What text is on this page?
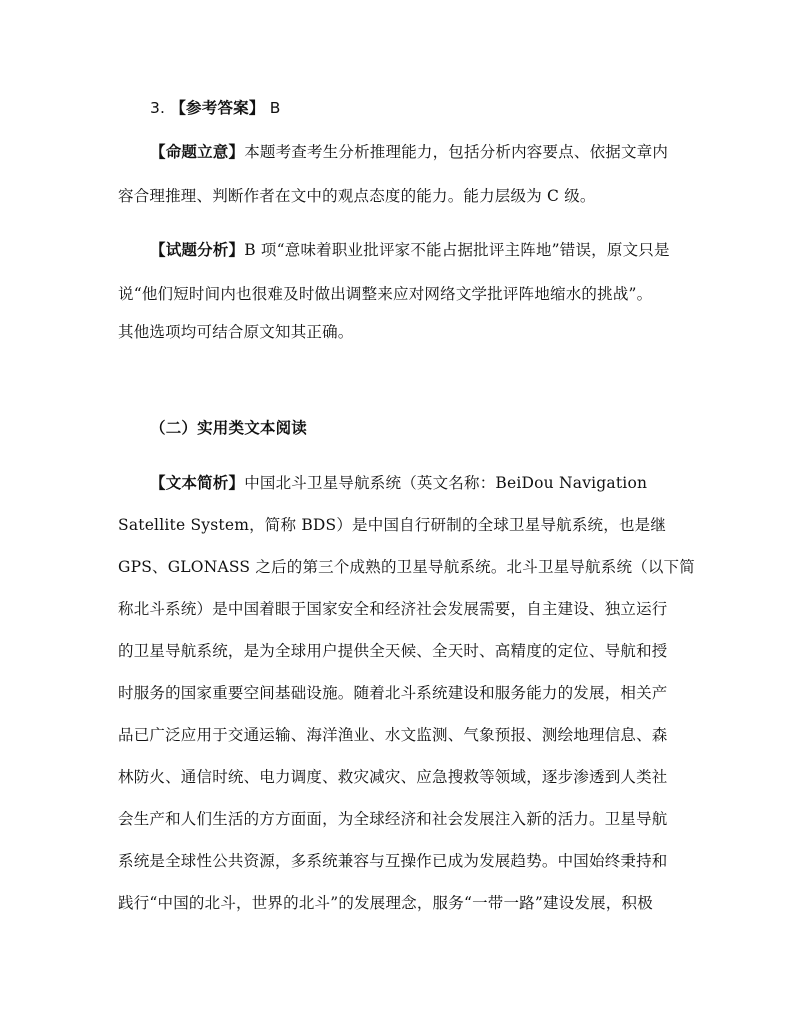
3. 【参考答案】 B
【命题立意】本题考查考生分析推理能力，包括分析内容要点、依据文章内
容合理推理、判断作者在文中的观点态度的能力。能力层级为 C 级。
【试题分析】B 项“意味着职业批评家不能占据批评主阵地”错误，原文只是
说“他们短时间内也很难及时做出调整来应对网络文学批评阵地缩水的挑战”。
其他选项均可结合原文知其正确。
（二）实用类文本阅读
【文本简析】中国北斗卫星导航系统（英文名称：BeiDou Navigation
Satellite System，简称 BDS）是中国自行研制的全球卫星导航系统，也是继
GPS、GLONASS 之后的第三个成熟的卫星导航系统。北斗卫星导航系统（以下简
称北斗系统）是中国着眼于国家安全和经济社会发展需要，自主建设、独立运行
的卫星导航系统，是为全球用户提供全天候、全天时、高精度的定位、导航和授
时服务的国家重要空间基础设施。随着北斗系统建设和服务能力的发展，相关产
品已广泛应用于交通运输、海洋渔业、水文监测、气象预报、测绘地理信息、森
林防火、通信时统、电力调度、救灾减灾、应急搜救等领域，逐步渗透到人类社
会生产和人们生活的方方面面，为全球经济和社会发展注入新的活力。卫星导航
系统是全球性公共资源，多系统兼容与互操作已成为发展趋势。中国始终秉持和
践行“中国的北斗，世界的北斗”的发展理念，服务“一带一路”建设发展，积极
